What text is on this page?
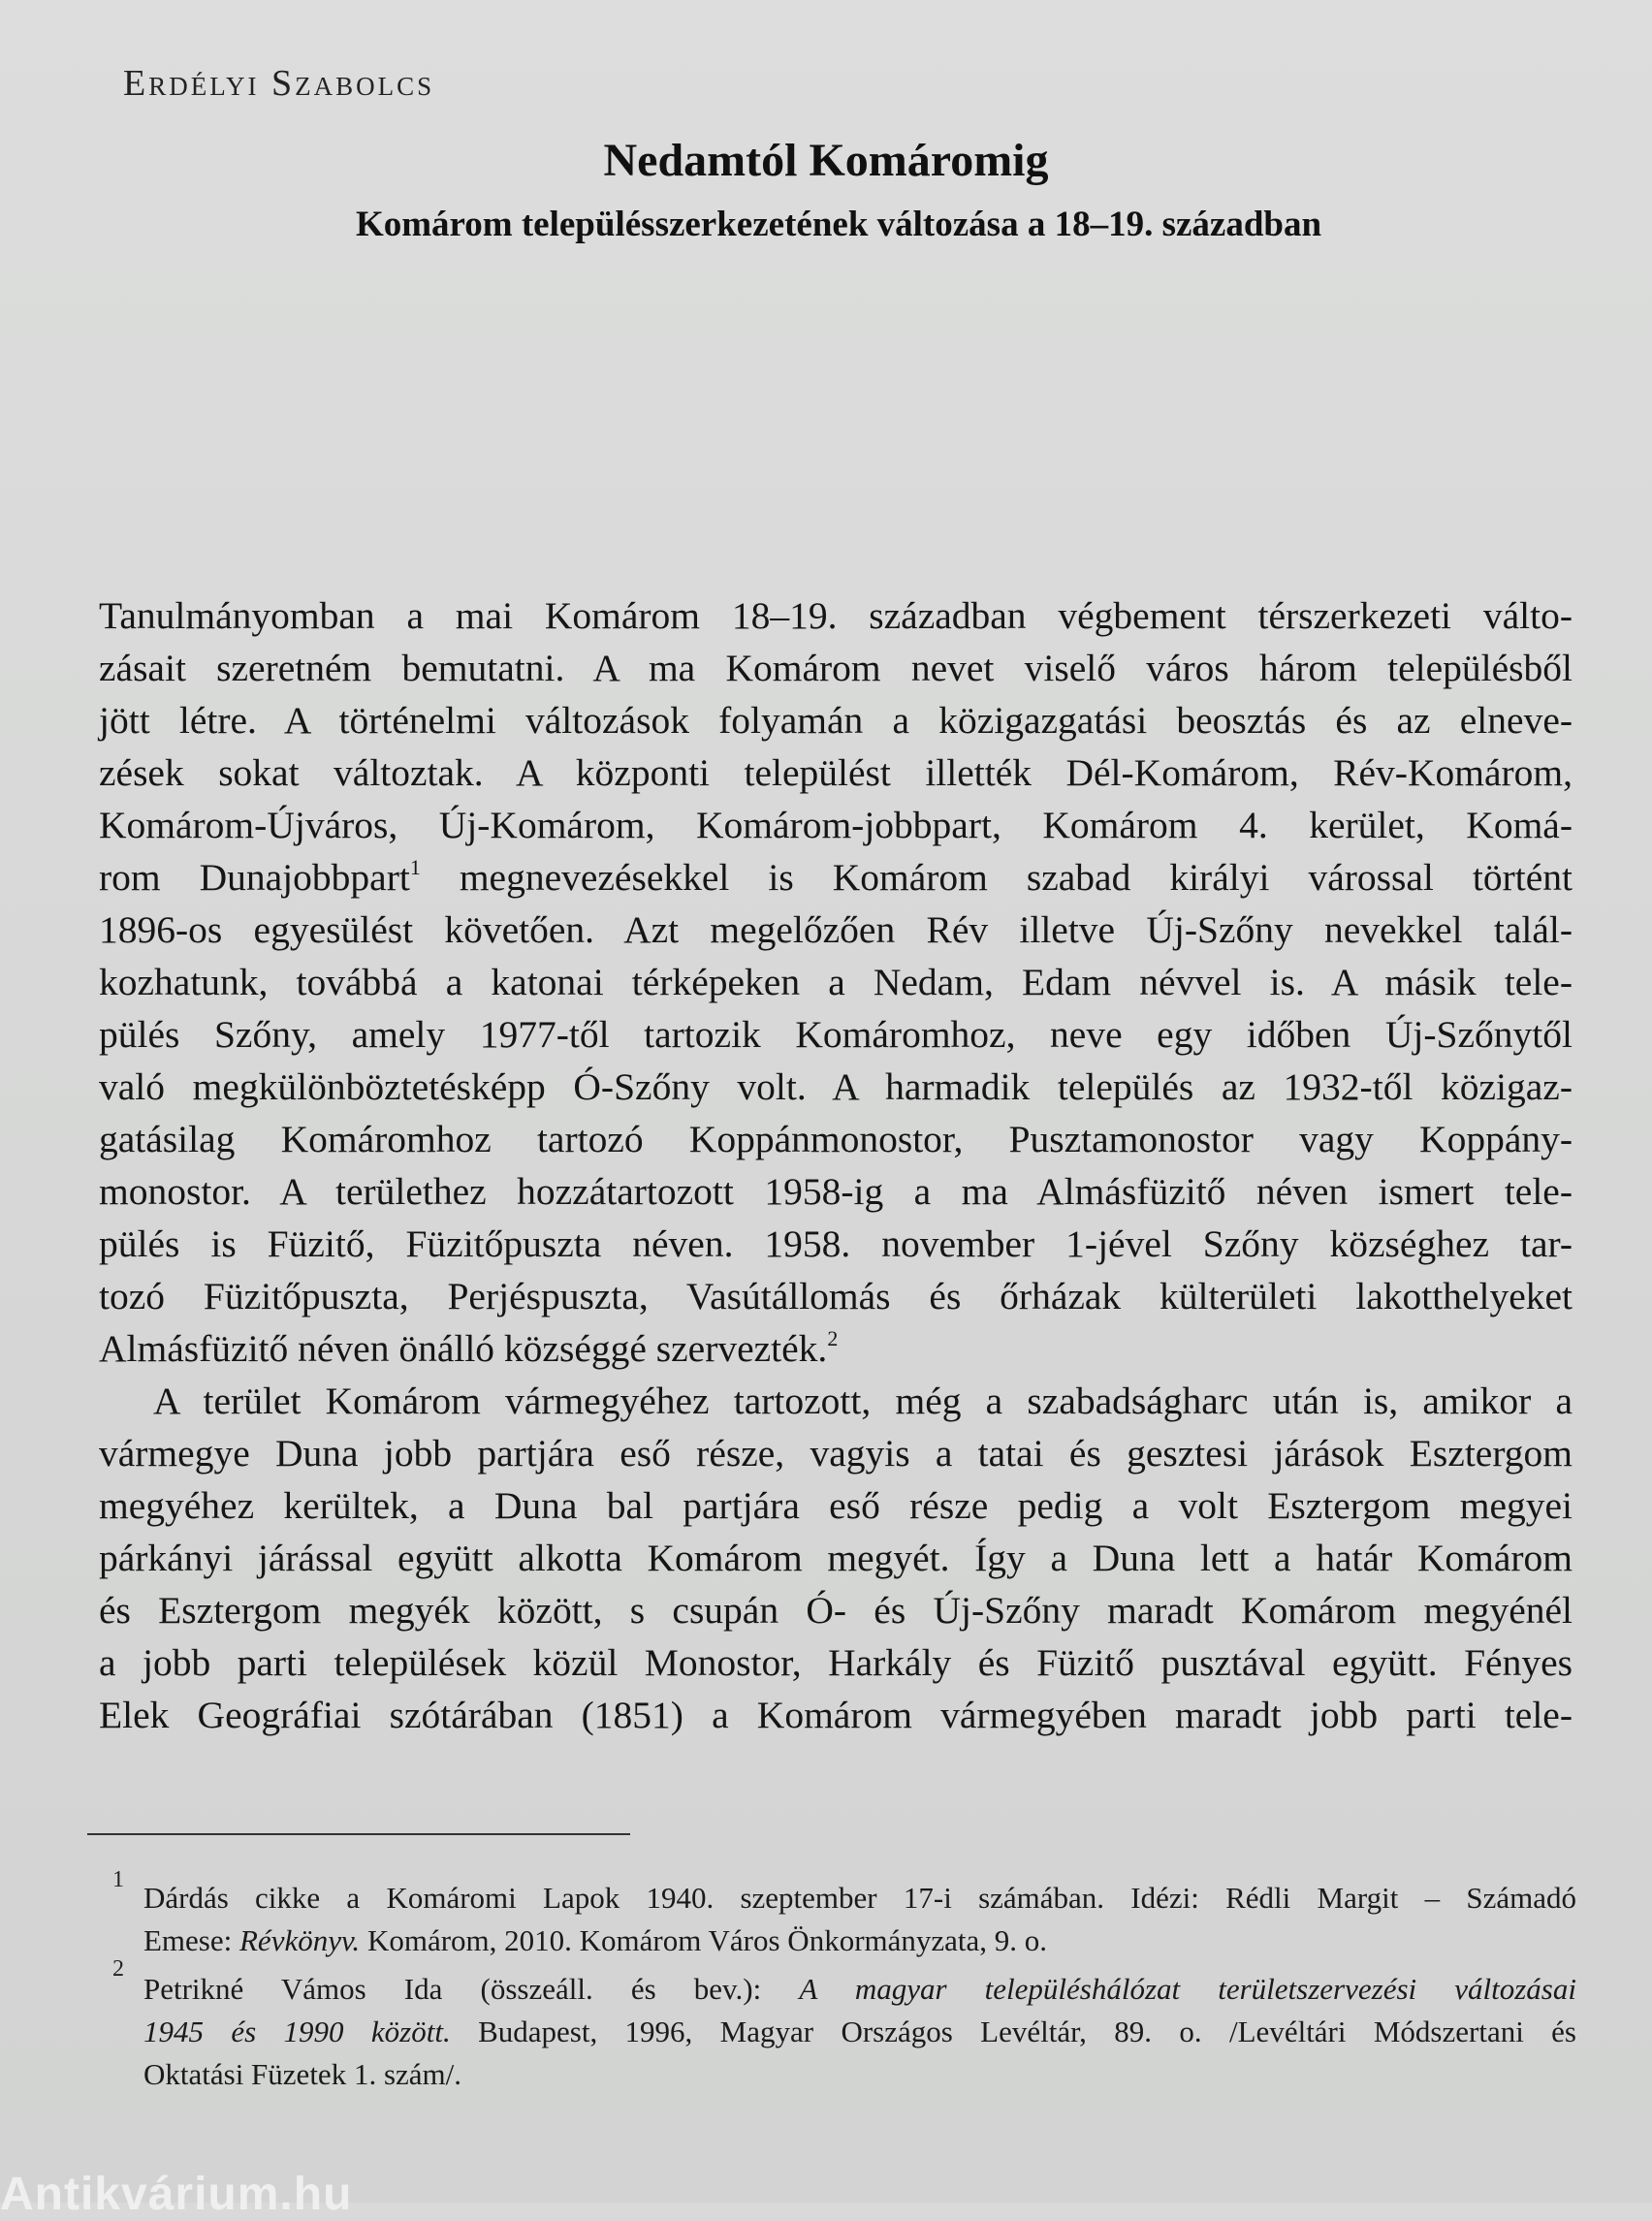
Erdélyi Szabolcs
Nedamtól Komáromig
Komárom településszerkezetének változása a 18–19. században
Tanulmányomban a mai Komárom 18–19. században végbement térszerkezeti válto-
zásait szeretném bemutatni. A ma Komárom nevet viselő város három településből
jött létre. A történelmi változások folyamán a közigazgatási beosztás és az elneve-
zések sokat változtak. A központi települést illették Dél-Komárom, Rév-Komárom,
Komárom-Újváros, Új-Komárom, Komárom-jobbpart, Komárom 4. kerület, Komá-
rom Dunajobbpart$^1$ megnevezésekkel is Komárom szabad királyi várossal történt
1896-os egyesülést követően. Azt megelőzően Rév illetve Új-Szőny nevekkel talál-
kozhatunk, továbbá a katonai térképeken a Nedam, Edam névvel is. A másik tele-
pülés Szőny, amely 1977-től tartozik Komáromhoz, neve egy időben Új-Szőnytől
való megkülönböztetésképp Ó-Szőny volt. A harmadik település az 1932-től közigaz-
gatásilag Komáromhoz tartozó Koppánmonostor, Pusztamonostor vagy Koppány-
monostor. A területhez hozzátartozott 1958-ig a ma Almásfüzitő néven ismert tele-
pülés is Füzitő, Füzitőpuszta néven. 1958. november 1-jével Szőny községhez tar-
tozó Füzitőpuszta, Perjéspuszta, Vasútállomás és őrházak külterületi lakotthelyeket
Almásfüzitő néven önálló községgé szervezték.$^2$
A terület Komárom vármegyéhez tartozott, még a szabadságharc után is, amikor a
vármegye Duna jobb partjára eső része, vagyis a tatai és gesztesi járások Esztergom
megyéhez kerültek, a Duna bal partjára eső része pedig a volt Esztergom megyei
párkányi járással együtt alkotta Komárom megyét. Így a Duna lett a határ Komárom
és Esztergom megyék között, s csupán Ó- és Új-Szőny maradt Komárom megyénél
a jobb parti települések közül Monostor, Harkály és Füzitő pusztával együtt. Fényes
Elek Geográfiai szótárában (1851) a Komárom vármegyében maradt jobb parti tele-
1
Dárdás cikke a Komáromi Lapok 1940. szeptember 17-i számában. Idézi: Rédli Margit – Számadó
Emese: Révkönyv. Komárom, 2010. Komárom Város Önkormányzata, 9. o.
2
Petrikné Vámos Ida (összeáll. és bev.): A magyar településhálózat területszervezési változásai
1945 és 1990 között. Budapest, 1996, Magyar Országos Levéltár, 89. o. /Levéltári Módszertani és
Oktatási Füzetek 1. szám/.
Antikvárium.hu
